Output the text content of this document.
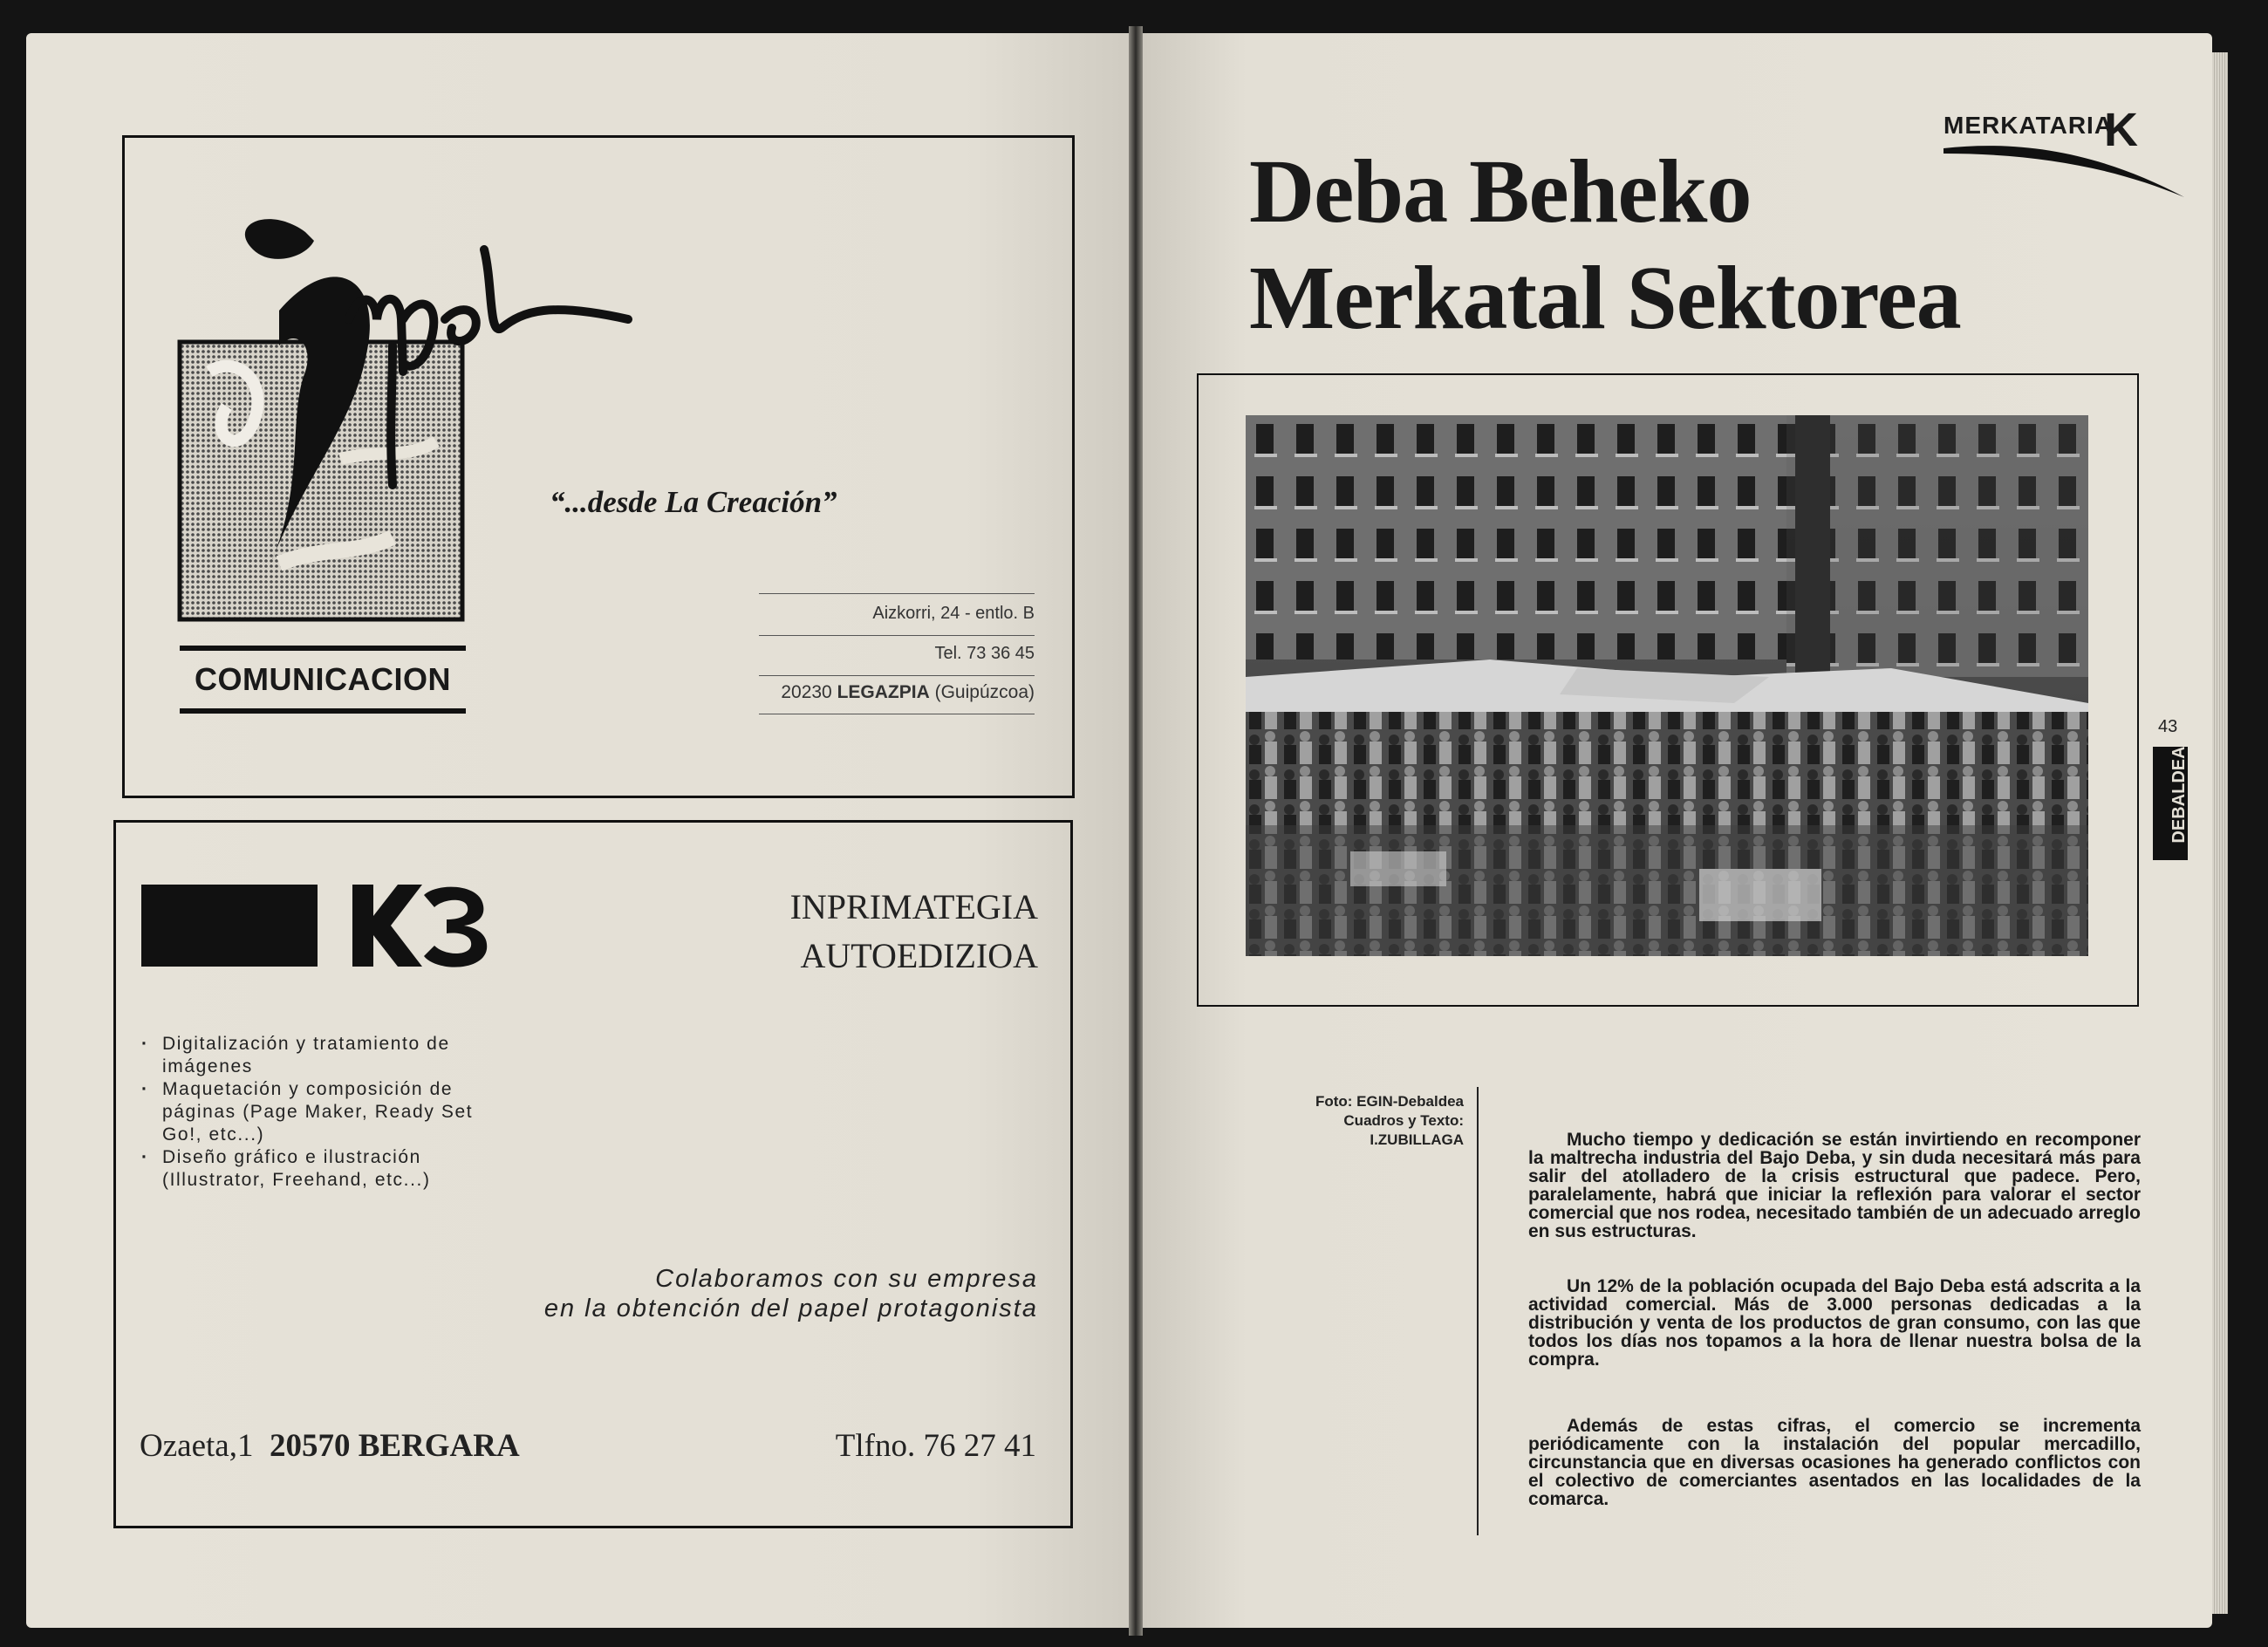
“...desde La Creación”
Aizkorri, 24 - entlo. B
Tel. 73 36 45
20230 LEGAZPIA (Guipúzcoa)
COMUNICACION
INPRIMATEGIA
AUTOEDIZIOA
· Digitalización y tratamiento de imágenes
· Maquetación y composición de páginas (Page Maker, Ready Set Go!, etc...)
· Diseño gráfico e ilustración (Illustrator, Freehand, etc...)
Colaboramos con su empresa
en la obtención del papel protagonista
Ozaeta,1 20570 BERGARA	Tlfno. 76 27 41
MERKATARIA
K
Deba Beheko
Merkatal Sektorea
Foto: EGIN-Debaldea
Cuadros y Texto:
I.ZUBILLAGA	Mucho tiempo y dedicación se están invirtiendo en recomponer la maltrecha industria del Bajo Deba, y sin duda necesitará más para salir del atolladero de la crisis estructural que padece. Pero, paralelamente, habrá que iniciar la reflexión para valorar el sector comercial que nos rodea, necesitado también de un adecuado arreglo en sus estructuras.
Un 12% de la población ocupada del Bajo Deba está adscrita a la actividad comercial. Más de 3.000 personas dedicadas a la distribución y venta de los productos de gran consumo, con las que todos los días nos topamos a la hora de llenar nuestra bolsa de la compra.
Además de estas cifras, el comercio se incrementa periódicamente con la instalación del popular mercadillo, circunstancia que en diversas ocasiones ha generado conflictos con el colectivo de comerciantes asentados en las localidades de la comarca.
43
DEBALDEA
